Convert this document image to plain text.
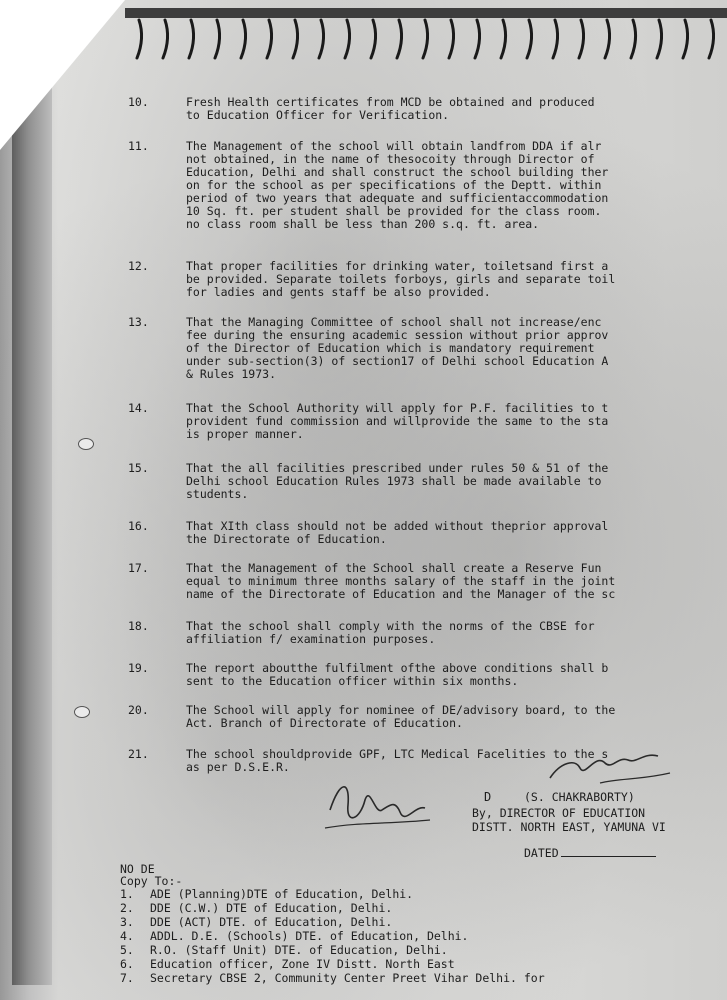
10.	Fresh Health certificates from MCD be obtained and produced
to Education Officer for Verification.
11.	The Management of the school will obtain landfrom DDA if alr
not obtained, in the name of thesocoity through Director of
Education, Delhi and shall construct the school building ther
on for the school as per specifications of the Deptt. within
period of two years that adequate and sufficientaccommodation
10 Sq. ft. per student shall be provided for the class room.
no class room shall be less than 200 s.q. ft. area.
12.	That proper facilities for drinking water, toiletsand first a
be provided. Separate toilets forboys, girls and separate toil
for ladies and gents staff be also provided.
13.	That the Managing Committee of school shall not increase/enc
fee during the ensuring academic session without prior approv
of the Director of Education which is mandatory requirement
under sub-section(3) of section17 of Delhi school Education A
& Rules 1973.
14.	That the School Authority will apply for P.F. facilities to t
provident fund commission and willprovide the same to the sta
is proper manner.
15.	That the all facilities prescribed under rules 50 & 51 of the
Delhi school Education Rules 1973 shall be made available to
students.
16.	That XIth class should not be added without theprior approval
the Directorate of Education.
17.	That the Management of the School shall create a Reserve Fun
equal to minimum three months salary of the staff in the joint
name of the Directorate of Education and the Manager of the sc
18.	That the school shall comply with the norms of the CBSE for
affiliation f/ examination purposes.
19.	The report aboutthe fulfilment ofthe above conditions shall b
sent to the Education officer within six months.
20.	The School will apply for nominee of DE/advisory board, to the
Act. Branch of Directorate of Education.
21.	The school shouldprovide GPF, LTC Medical Facelities to the s
as per D.S.E.R.
D	(S. CHAKRABORTY)
By, DIRECTOR OF EDUCATION
DISTT. NORTH EAST, YAMUNA VI
DATED
NO DE
Copy To:-
1. ADE (Planning)DTE of Education, Delhi.
2. DDE (C.W.) DTE of Education, Delhi.
3. DDE (ACT) DTE. of Education, Delhi.
4. ADDL. D.E. (Schools) DTE. of Education, Delhi.
5. R.O. (Staff Unit) DTE. of Education, Delhi.
6. Education officer, Zone IV Distt. North East
7. Secretary CBSE 2, Community Center Preet Vihar Delhi. for
